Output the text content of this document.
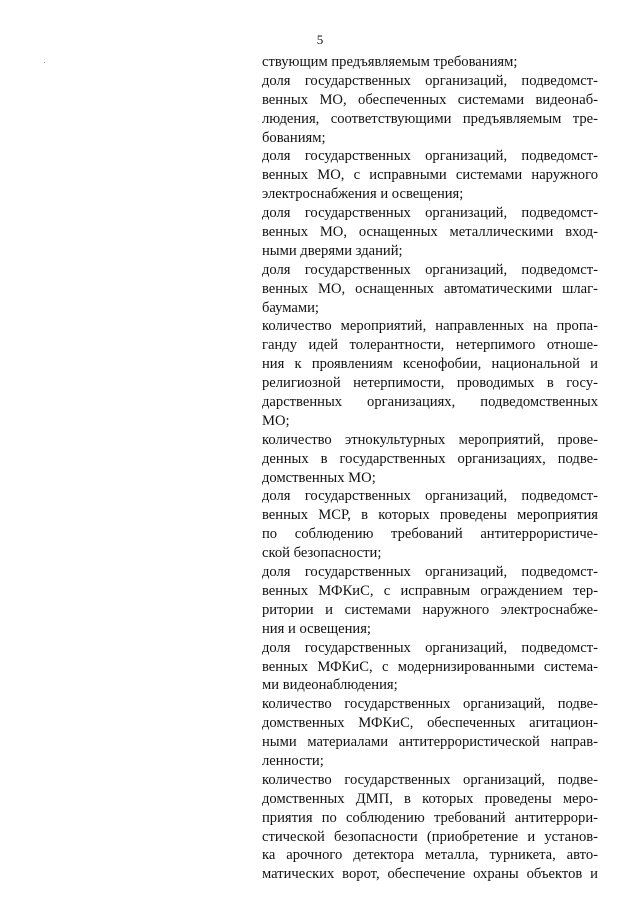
5
ствующим предъявляемым требованиям;
доля государственных организаций, подведомст-
венных МО, обеспеченных системами видеонаб-
людения, соответствующими предъявляемым тре-
бованиям;
доля государственных организаций, подведомст-
венных МО, с исправными системами наружного
электроснабжения и освещения;
доля государственных организаций, подведомст-
венных МО, оснащенных металлическими вход-
ными дверями зданий;
доля государственных организаций, подведомст-
венных МО, оснащенных автоматическими шлаг-
баумами;
количество мероприятий, направленных на пропа-
ганду идей толерантности, нетерпимого отноше-
ния к проявлениям ксенофобии, национальной и
религиозной нетерпимости, проводимых в госу-
дарственных организациях, подведомственных
МО;
количество этнокультурных мероприятий, прове-
денных в государственных организациях, подве-
домственных МО;
доля государственных организаций, подведомст-
венных МСР, в которых проведены мероприятия
по соблюдению требований антитеррористиче-
ской безопасности;
доля государственных организаций, подведомст-
венных МФКиС, с исправным ограждением тер-
ритории и системами наружного электроснабже-
ния и освещения;
доля государственных организаций, подведомст-
венных МФКиС, с модернизированными система-
ми видеонаблюдения;
количество государственных организаций, подве-
домственных МФКиС, обеспеченных агитацион-
ными материалами антитеррористической направ-
ленности;
количество государственных организаций, подве-
домственных ДМП, в которых проведены меро-
приятия по соблюдению требований антитеррори-
стической безопасности (приобретение и установ-
ка арочного детектора металла, турникета, авто-
матических ворот, обеспечение охраны объектов и
